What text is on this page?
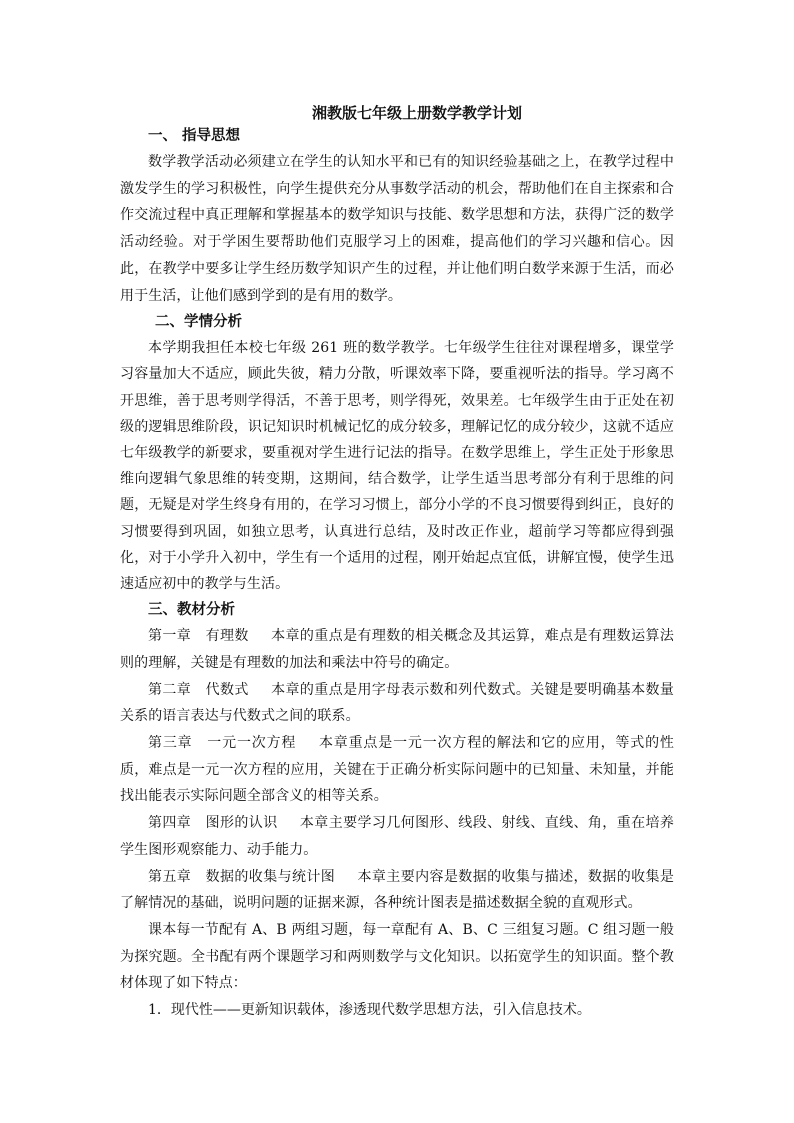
湘教版七年级上册数学教学计划

一、 指导思想

数学教学活动必须建立在学生的认知水平和已有的知识经验基础之上，在教学过程中激发学生的学习积极性，向学生提供充分从事数学活动的机会，帮助他们在自主探索和合作交流过程中真正理解和掌握基本的数学知识与技能、数学思想和方法，获得广泛的数学活动经验。对于学困生要帮助他们克服学习上的困难，提高他们的学习兴趣和信心。因此，在教学中要多让学生经历数学知识产生的过程，并让他们明白数学来源于生活，而必用于生活，让他们感到学到的是有用的数学。

二、学情分析

本学期我担任本校七年级 261 班的数学教学。七年级学生往往对课程增多，课堂学习容量加大不适应，顾此失彼，精力分散，听课效率下降，要重视听法的指导。学习离不开思维，善于思考则学得活，不善于思考，则学得死，效果差。七年级学生由于正处在初级的逻辑思维阶段，识记知识时机械记忆的成分较多，理解记忆的成分较少，这就不适应七年级教学的新要求，要重视对学生进行记法的指导。在数学思维上，学生正处于形象思维向逻辑气象思维的转变期，这期间，结合数学，让学生适当思考部分有利于思维的问题，无疑是对学生终身有用的，在学习习惯上，部分小学的不良习惯要得到纠正，良好的习惯要得到巩固，如独立思考，认真进行总结，及时改正作业，超前学习等都应得到强化，对于小学升入初中，学生有一个适用的过程，刚开始起点宜低，讲解宜慢，使学生迅速适应初中的教学与生活。

三、教材分析

第一章　有理数 本章的重点是有理数的相关概念及其运算，难点是有理数运算法则的理解，关键是有理数的加法和乘法中符号的确定。

第二章　代数式 本章的重点是用字母表示数和列代数式。关键是要明确基本数量关系的语言表达与代数式之间的联系。

第三章　一元一次方程 本章重点是一元一次方程的解法和它的应用，等式的性质，难点是一元一次方程的应用，关键在于正确分析实际问题中的已知量、未知量，并能找出能表示实际问题全部含义的相等关系。

第四章　图形的认识 本章主要学习几何图形、线段、射线、直线、角，重在培养学生图形观察能力、动手能力。

第五章　数据的收集与统计图 本章主要内容是数据的收集与描述，数据的收集是了解情况的基础，说明问题的证据来源，各种统计图表是描述数据全貌的直观形式。

课本每一节配有 A、B 两组习题，每一章配有 A、B、C 三组复习题。C 组习题一般为探究题。全书配有两个课题学习和两则数学与文化知识。以拓宽学生的知识面。整个教材体现了如下特点：

1．现代性——更新知识载体，渗透现代数学思想方法，引入信息技术。
